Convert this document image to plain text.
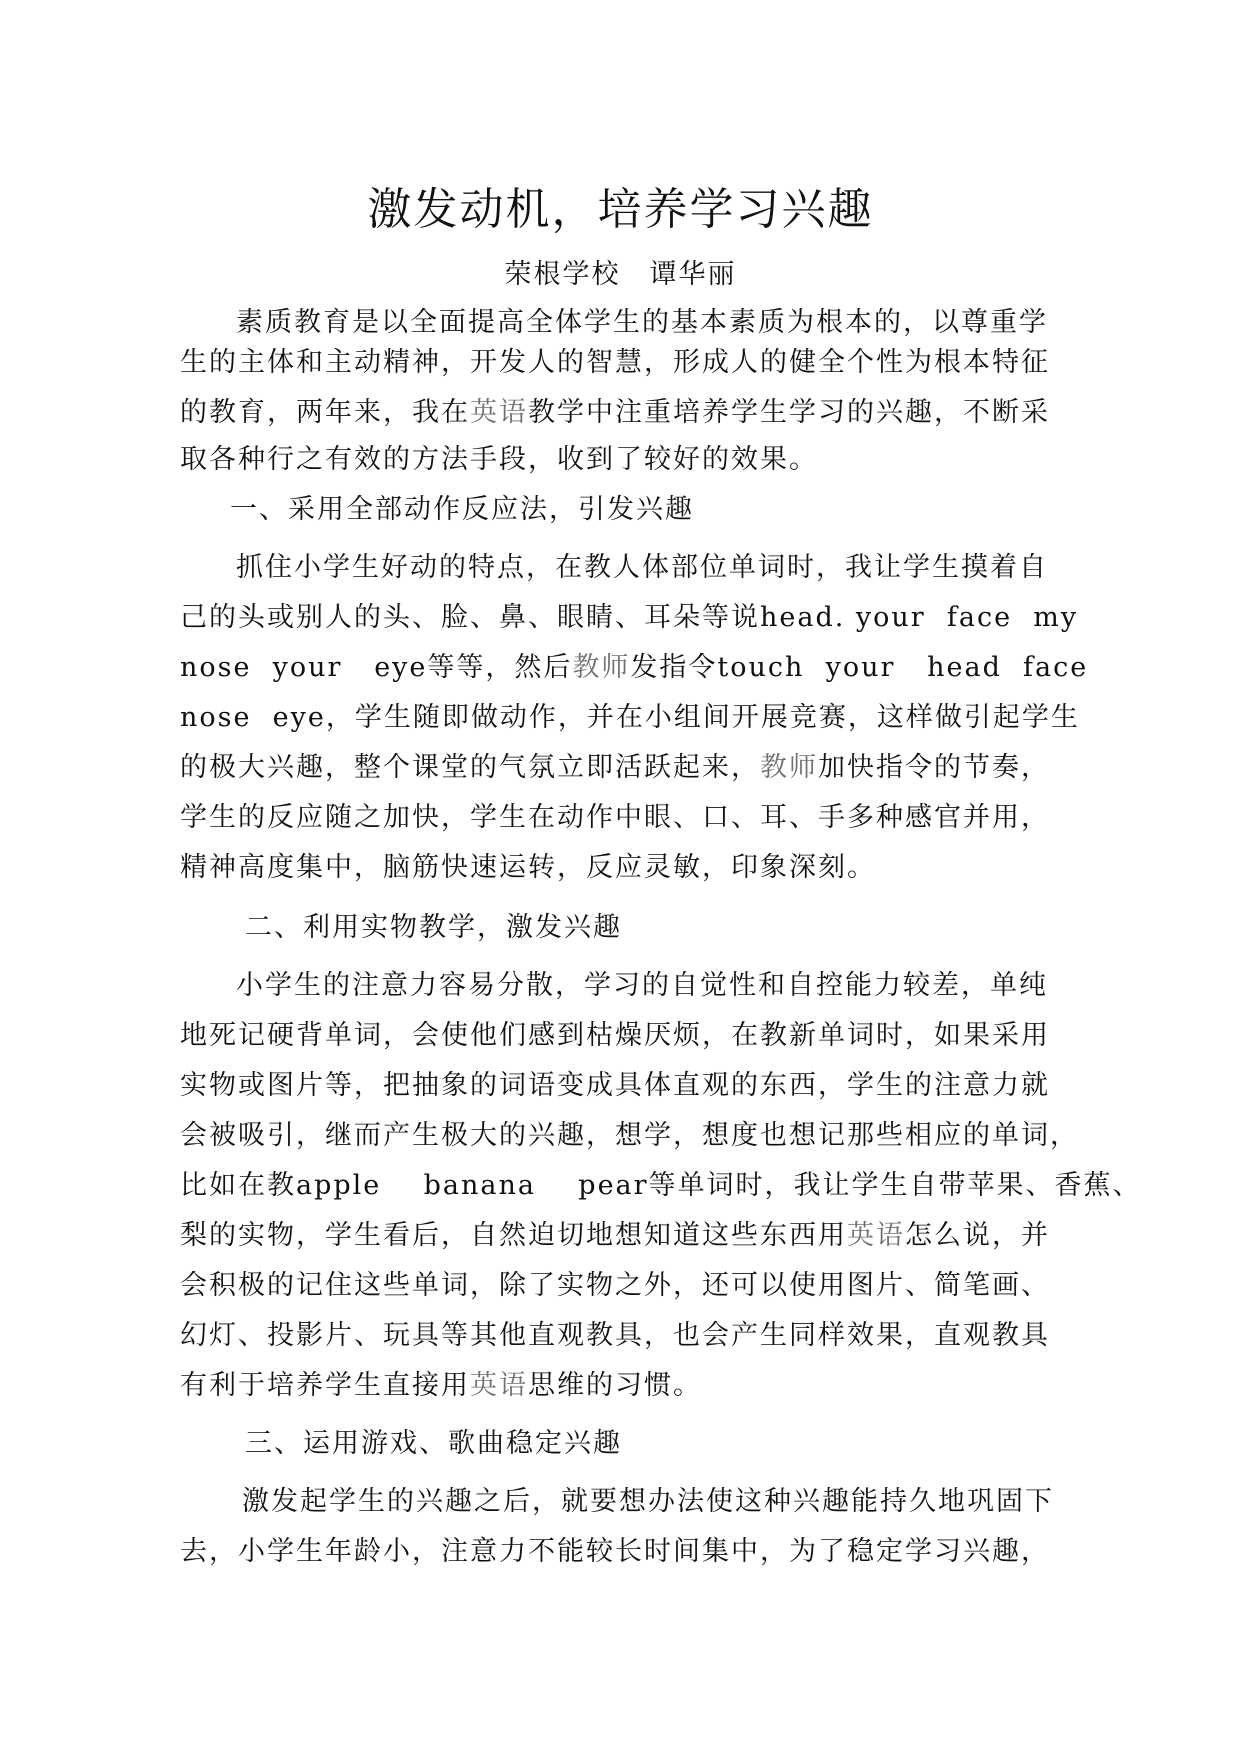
激发动机，培养学习兴趣
荣根学校　谭华丽
素质教育是以全面提高全体学生的基本素质为根本的，以尊重学
生的主体和主动精神，开发人的智慧，形成人的健全个性为根本特征
的教育，两年来，我在英语教学中注重培养学生学习的兴趣，不断采
取各种行之有效的方法手段，收到了较好的效果。
一、采用全部动作反应法，引发兴趣
抓住小学生好动的特点，在教人体部位单词时，我让学生摸着自
己的头或别人的头、脸、鼻、眼睛、耳朵等说head. your  face  my
nose  your   eye等等，然后教师发指令touch  your   head  face
nose  eye，学生随即做动作，并在小组间开展竞赛，这样做引起学生
的极大兴趣，整个课堂的气氛立即活跃起来，教师加快指令的节奏，
学生的反应随之加快，学生在动作中眼、口、耳、手多种感官并用，
精神高度集中，脑筋快速运转，反应灵敏，印象深刻。
二、利用实物教学，激发兴趣
小学生的注意力容易分散，学习的自觉性和自控能力较差，单纯
地死记硬背单词，会使他们感到枯燥厌烦，在教新单词时，如果采用
实物或图片等，把抽象的词语变成具体直观的东西，学生的注意力就
会被吸引，继而产生极大的兴趣，想学，想度也想记那些相应的单词，
比如在教apple    banana    pear等单词时，我让学生自带苹果、香蕉、
梨的实物，学生看后，自然迫切地想知道这些东西用英语怎么说，并
会积极的记住这些单词，除了实物之外，还可以使用图片、简笔画、
幻灯、投影片、玩具等其他直观教具，也会产生同样效果，直观教具
有利于培养学生直接用英语思维的习惯。
三、运用游戏、歌曲稳定兴趣
激发起学生的兴趣之后，就要想办法使这种兴趣能持久地巩固下
去，小学生年龄小，注意力不能较长时间集中，为了稳定学习兴趣，
